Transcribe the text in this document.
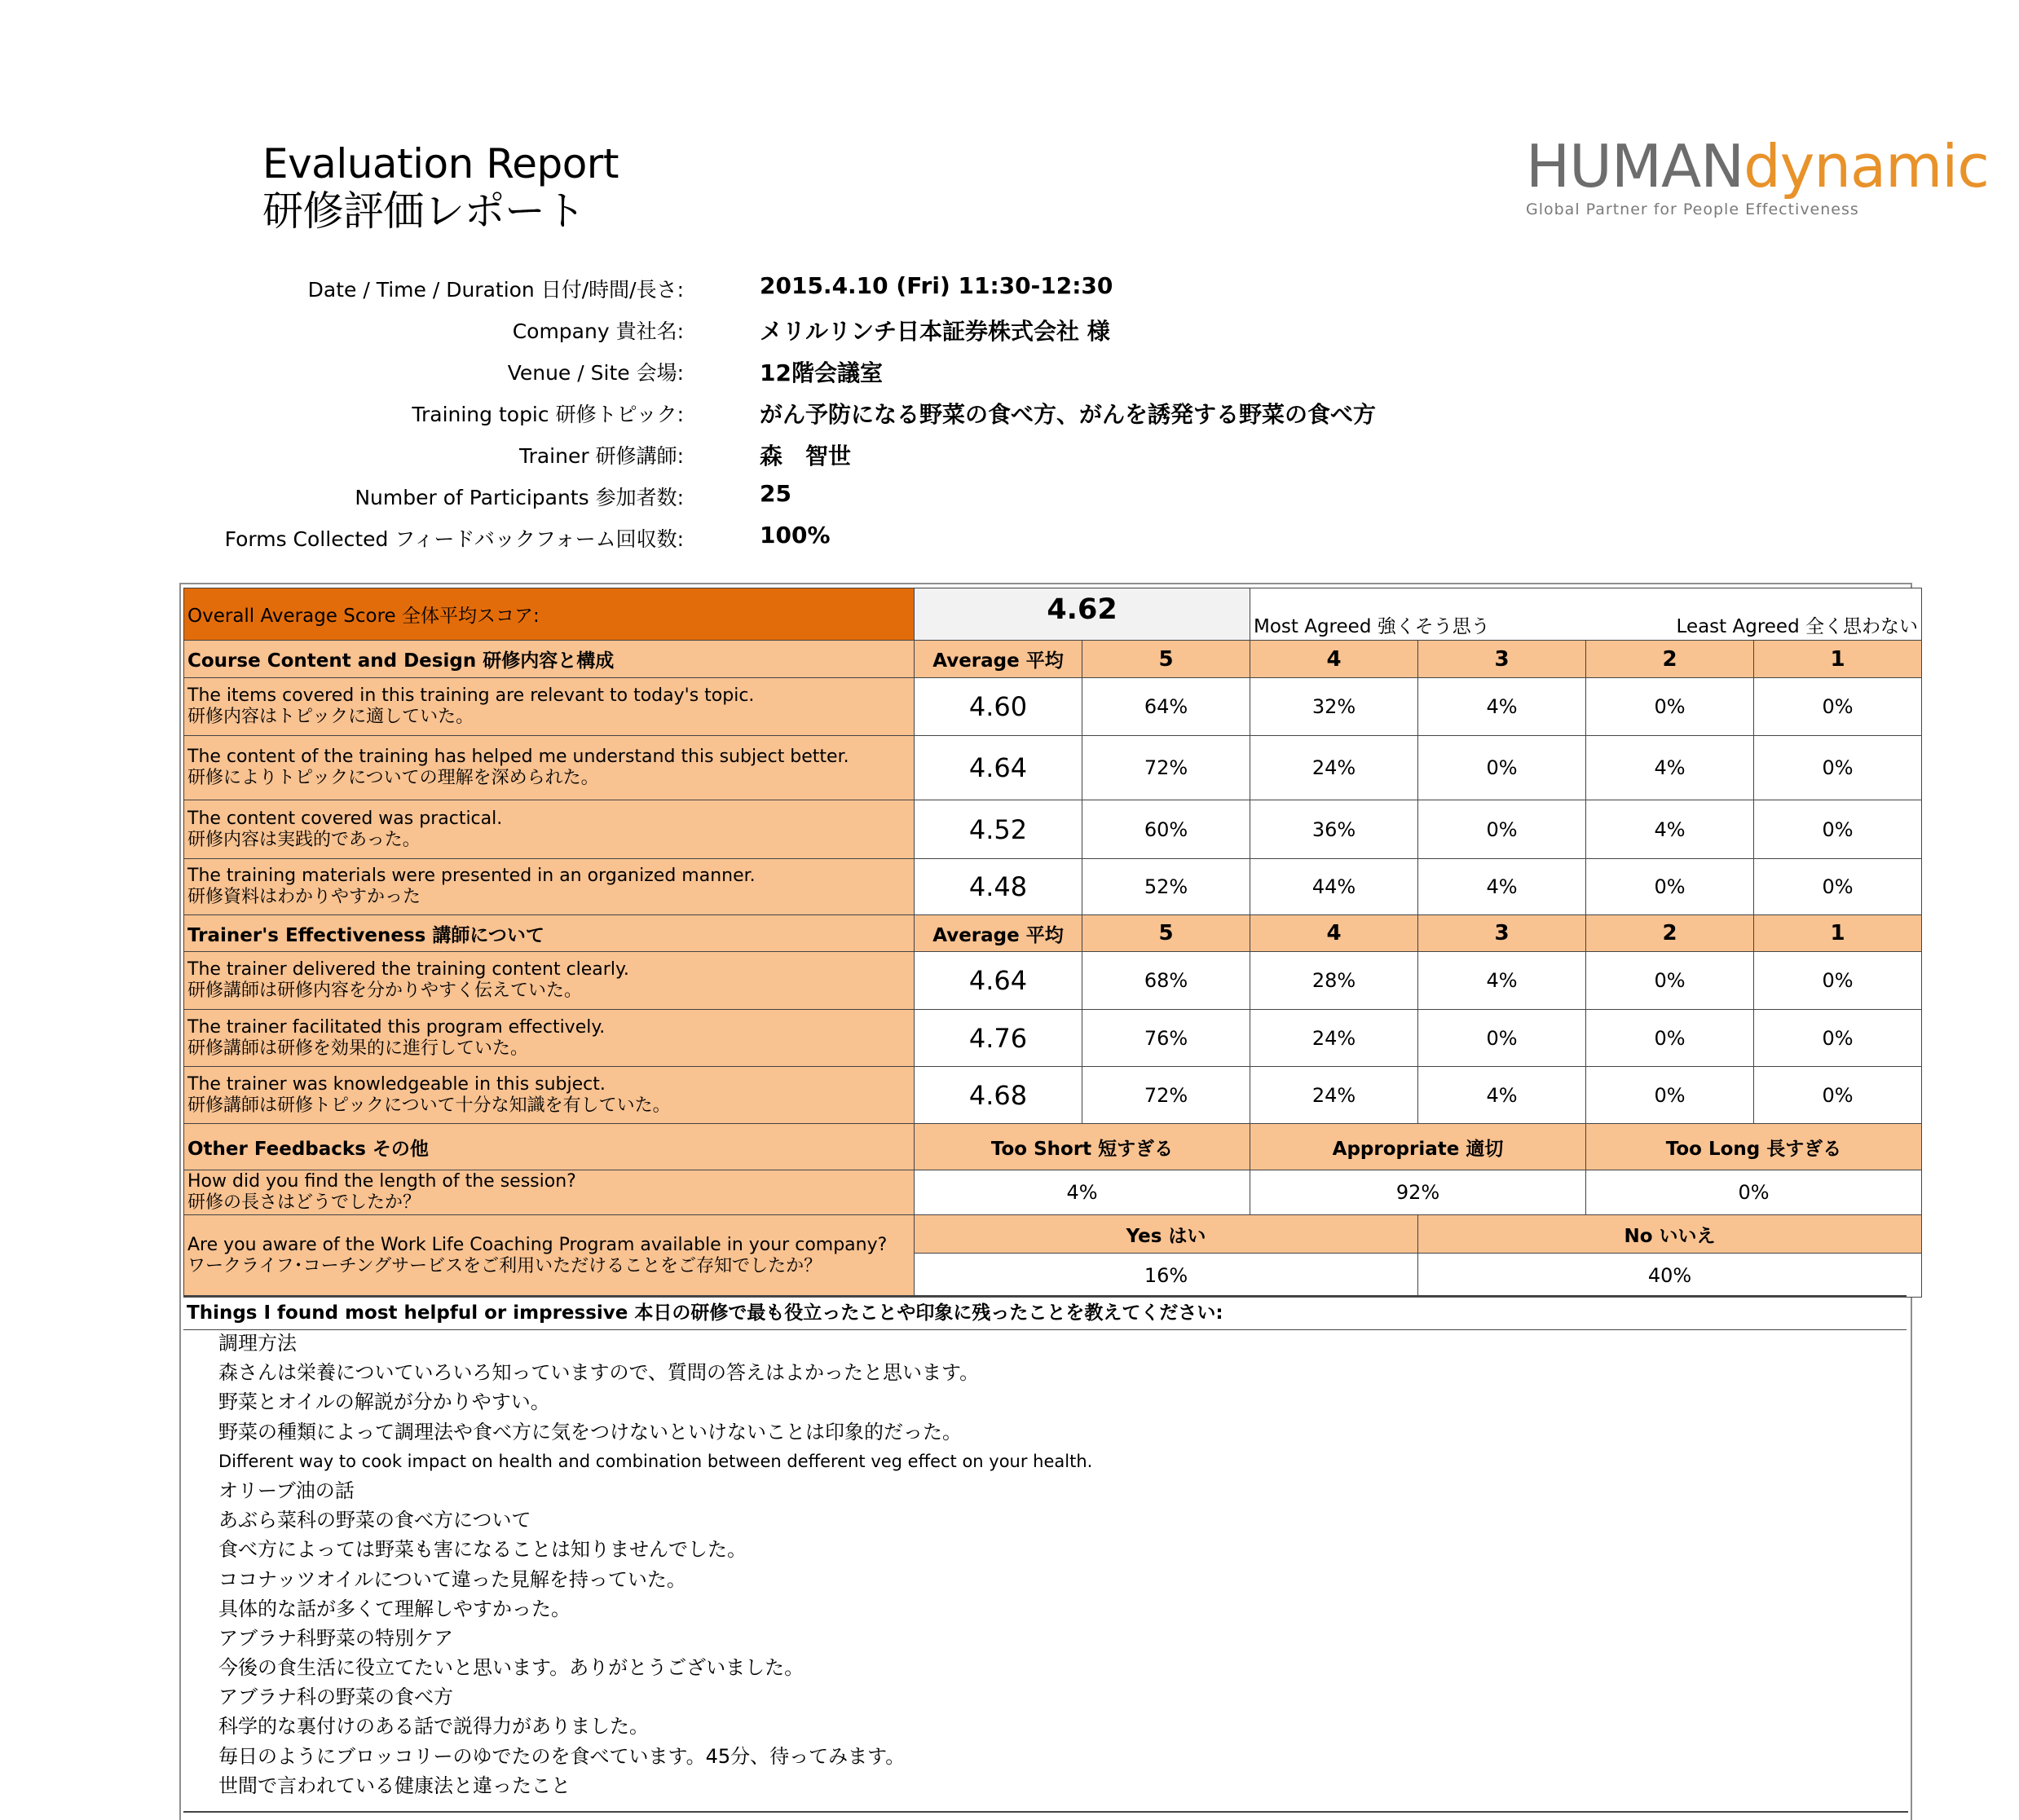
Evaluation Report
研修評価レポート
HUMANdynamic
Global Partner for People Effectiveness
Date / Time / Duration 日付/時間/長さ:	2015.4.10 (Fri) 11:30-12:30
Company 貴社名:	メリルリンチ日本証券株式会社 様
Venue / Site 会場:	12階会議室
Training topic 研修トピック:	がん予防になる野菜の食べ方、がんを誘発する野菜の食べ方
Trainer 研修講師:	森　智世
Number of Participants 参加者数:	25
Forms Collected フィードバックフォーム回収数:	100%
Overall Average Score 全体平均スコア:	4.62		Most Agreed 強くそう思う Least Agreed 全く思わない			

Course Content and Design 研修内容と構成	Average 平均	5	4	3	2	1

The items covered in this training are relevant to today's topic.
研修内容はトピックに適していた。	4.60	64%	32%	4%	0%	0%

The content of the training has helped me understand this subject better.
研修によりトピックについての理解を深められた。	4.64	72%	24%	0%	4%	0%

The content covered was practical.
研修内容は実践的であった。	4.52	60%	36%	0%	4%	0%

The training materials were presented in an organized manner.
研修資料はわかりやすかった	4.48	52%	44%	4%	0%	0%
Trainer's Effectiveness 講師について	Average 平均	5	4	3	2	1

The trainer delivered the training content clearly.
研修講師は研修内容を分かりやすく伝えていた。	4.64	68%	28%	4%	0%	0%

The trainer facilitated this program effectively.
研修講師は研修を効果的に進行していた。	4.76	76%	24%	0%	0%	0%

The trainer was knowledgeable in this subject.
研修講師は研修トピックについて十分な知識を有していた。	4.68	72%	24%	4%	0%	0%
Other Feedbacks その他	Too Short 短すぎる		Appropriate 適切		Too Long 長すぎる	

How did you find the length of the session?
研修の長さはどうでしたか？	4%		92%		0%	

Are you aware of the Work Life Coaching Program available in your company?
ワークライフ･コーチングサービスをご利用いただけることをご存知でしたか？	Yes はい			No いいえ		
	16%			40%		
Things I found most helpful or impressive 本日の研修で最も役立ったことや印象に残ったことを教えてください:
調理方法
森さんは栄養についていろいろ知っていますので、質問の答えはよかったと思います。
野菜とオイルの解説が分かりやすい。
野菜の種類によって調理法や食べ方に気をつけないといけないことは印象的だった。
Different way to cook impact on health and combination between defferent veg effect on your health.
オリーブ油の話
あぶら菜科の野菜の食べ方について
食べ方によっては野菜も害になることは知りませんでした。
ココナッツオイルについて違った見解を持っていた。
具体的な話が多くて理解しやすかった。
アブラナ科野菜の特別ケア
今後の食生活に役立てたいと思います。ありがとうございました。
アブラナ科の野菜の食べ方
科学的な裏付けのある話で説得力がありました。
毎日のようにブロッコリーのゆでたのを食べています。45分、待ってみます。
世間で言われている健康法と違ったこと
